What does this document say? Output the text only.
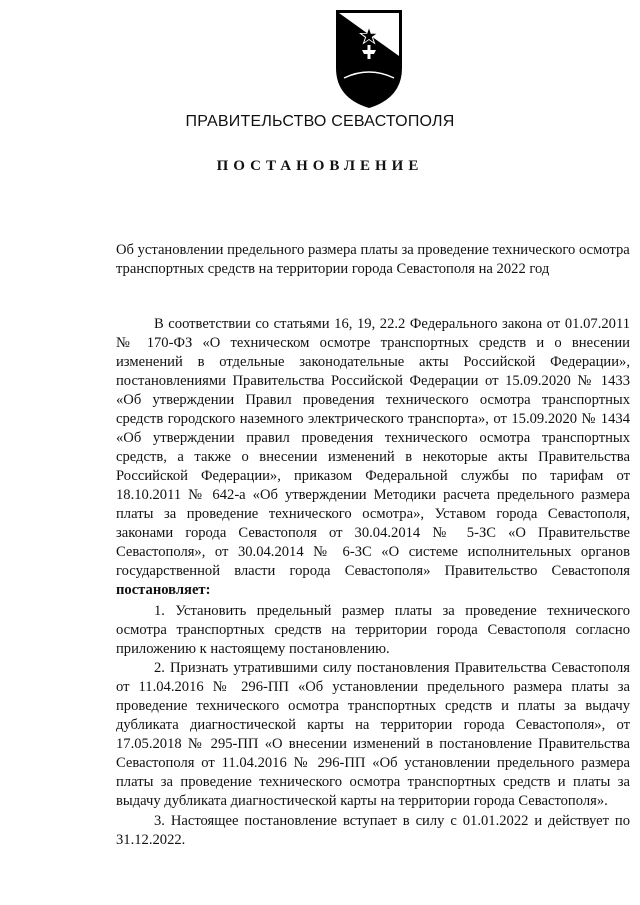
ПРАВИТЕЛЬСТВО СЕВАСТОПОЛЯ
ПОСТАНОВЛЕНИЕ

Об установлении предельного размера платы за проведение технического осмотра транспортных средств на территории города Севастополя на 2022 год

В соответствии со статьями 16, 19, 22.2 Федерального закона от 01.07.2011 № 170-ФЗ «О техническом осмотре транспортных средств и о внесении изменений в отдельные законодательные акты Российской Федерации», постановлениями Правительства Российской Федерации от 15.09.2020 № 1433 «Об утверждении Правил проведения технического осмотра транспортных средств городского наземного электрического транспорта», от 15.09.2020 № 1434 «Об утверждении правил проведения технического осмотра транспортных средств, а также о внесении изменений в некоторые акты Правительства Российской Федерации», приказом Федеральной службы по тарифам от 18.10.2011 № 642-а «Об утверждении Методики расчета предельного размера платы за проведение технического осмотра», Уставом города Севастополя, законами города Севастополя от 30.04.2014 № 5-ЗС «О Правительстве Севастополя», от 30.04.2014 № 6-ЗС «О системе исполнительных органов государственной власти города Севастополя» Правительство Севастополя постановляет:

1. Установить предельный размер платы за проведение технического осмотра транспортных средств на территории города Севастополя согласно приложению к настоящему постановлению.

2. Признать утратившими силу постановления Правительства Севастополя от 11.04.2016 № 296-ПП «Об установлении предельного размера платы за проведение технического осмотра транспортных средств и платы за выдачу дубликата диагностической карты на территории города Севастополя», от 17.05.2018 № 295-ПП «О внесении изменений в постановление Правительства Севастополя от 11.04.2016 № 296-ПП «Об установлении предельного размера платы за проведение технического осмотра транспортных средств и платы за выдачу дубликата диагностической карты на территории города Севастополя».

3. Настоящее постановление вступает в силу с 01.01.2022 и действует по 31.12.2022.
